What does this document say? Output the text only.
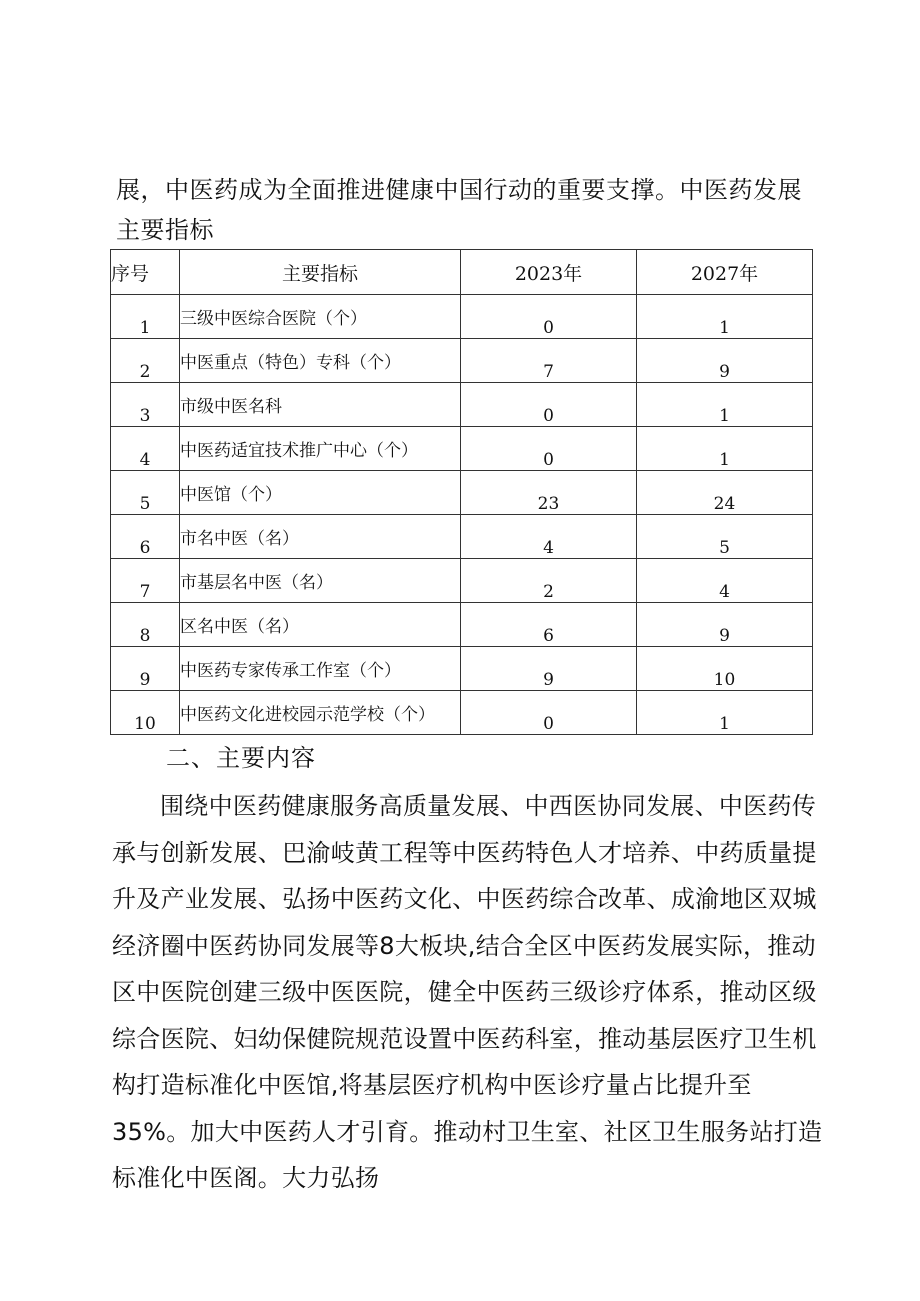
展，中医药成为全面推进健康中国行动的重要支撑。中医药发展主要指标

序号	主要指标	2023年	2027年
1	三级中医综合医院（个）	0	1
2	中医重点（特色）专科（个）	7	9
3	市级中医名科	0	1
4	中医药适宜技术推广中心（个）	0	1
5	中医馆（个）	23	24
6	市名中医（名）	4	5
7	市基层名中医（名）	2	4
8	区名中医（名）	6	9
9	中医药专家传承工作室（个）	9	10
10	中医药文化进校园示范学校（个）	0	1
二、主要内容

围绕中医药健康服务高质量发展、中西医协同发展、中医药传承与创新发展、巴渝岐黄工程等中医药特色人才培养、中药质量提升及产业发展、弘扬中医药文化、中医药综合改革、成渝地区双城经济圈中医药协同发展等8大板块,结合全区中医药发展实际，推动区中医院创建三级中医医院，健全中医药三级诊疗体系，推动区级综合医院、妇幼保健院规范设置中医药科室，推动基层医疗卫生机构打造标准化中医馆,将基层医疗机构中医诊疗量占比提升至35%。加大中医药人才引育。推动村卫生室、社区卫生服务站打造标准化中医阁。大力弘扬
